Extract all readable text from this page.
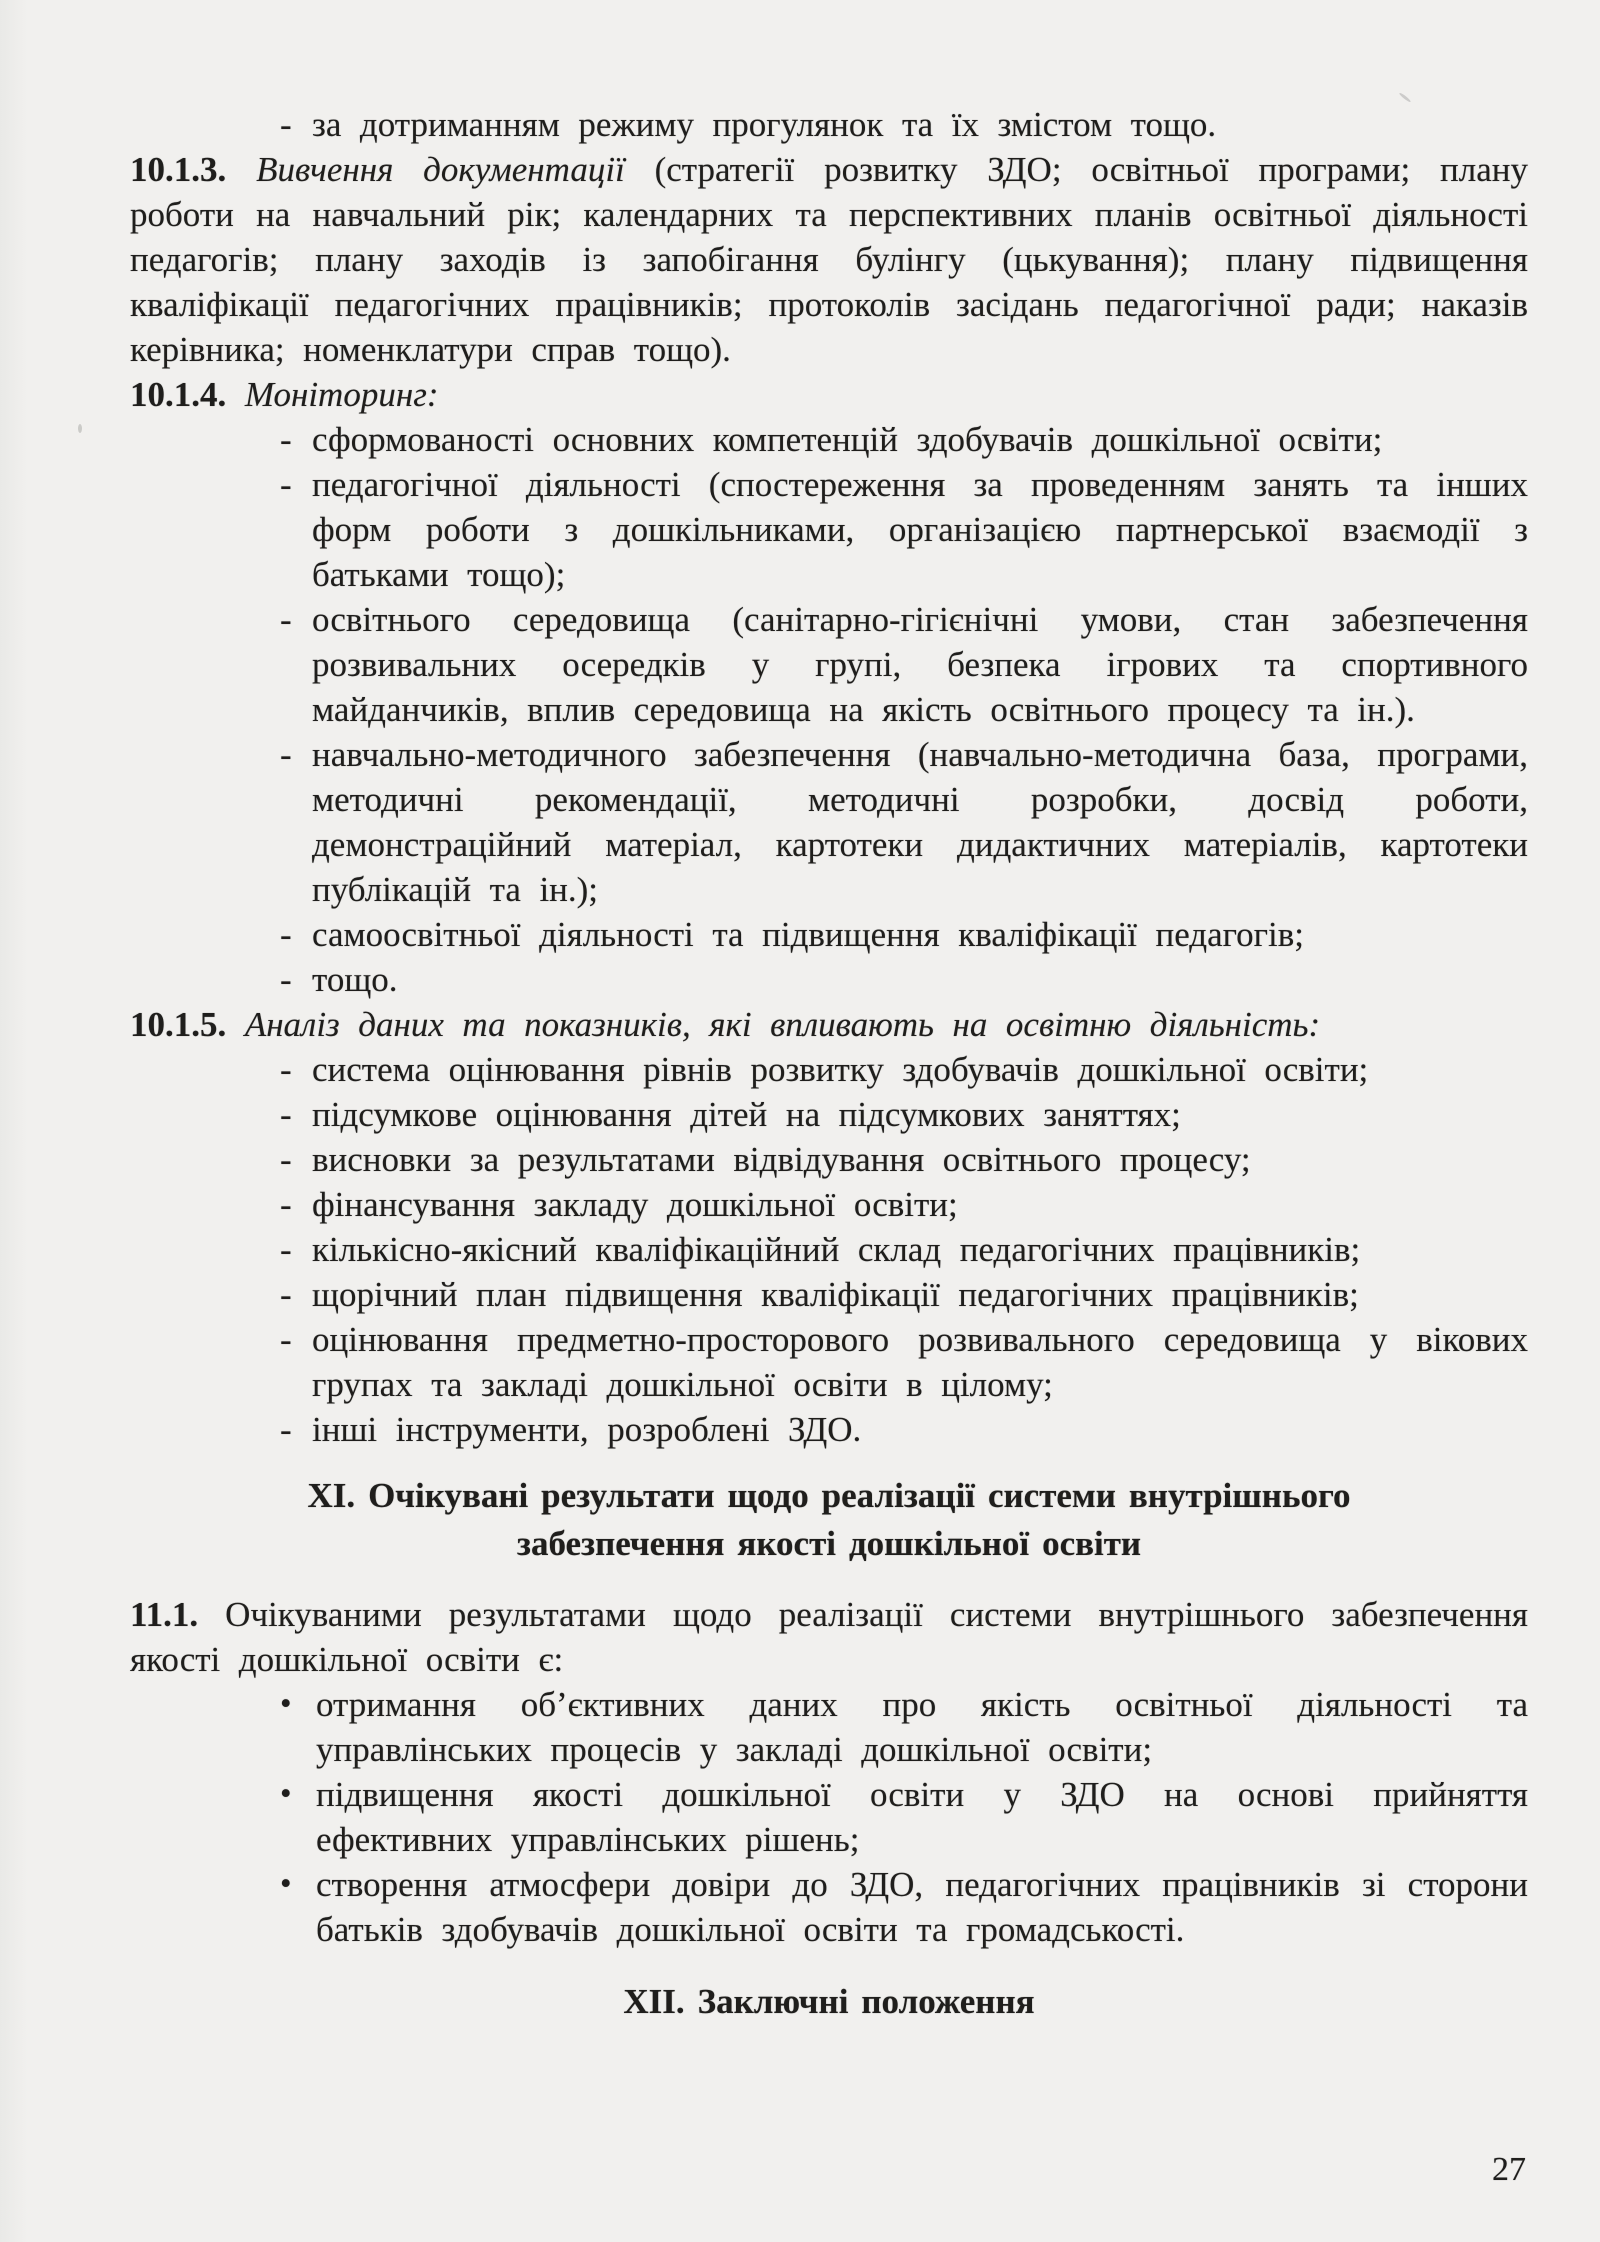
- за дотриманням режиму прогулянок та їх змістом тощо.

10.1.3. Вивчення документації (стратегії розвитку ЗДО; освітньої програми; плану роботи на навчальний рік; календарних та перспективних планів освітньої діяльності педагогів; плану заходів із запобігання булінгу (цькування); плану підвищення кваліфікації педагогічних працівників; протоколів засідань педагогічної ради; наказів керівника; номенклатури справ тощо).

10.1.4. Моніторинг:

- сформованості основних компетенцій здобувачів дошкільної освіти;
- педагогічної діяльності (спостереження за проведенням занять та інших форм роботи з дошкільниками, організацією партнерської взаємодії з батьками тощо);
- освітнього середовища (санітарно-гігієнічні умови, стан забезпечення розвивальних осередків у групі, безпека ігрових та спортивного майданчиків, вплив середовища на якість освітнього процесу та ін.).
- навчально-методичного забезпечення (навчально-методична база, програми, методичні рекомендації, методичні розробки, досвід роботи, демонстраційний матеріал, картотеки дидактичних матеріалів, картотеки публікацій та ін.);
- самоосвітньої діяльності та підвищення кваліфікації педагогів;
- тощо.

10.1.5. Аналіз даних та показників, які впливають на освітню діяльність:

- система оцінювання рівнів розвитку здобувачів дошкільної освіти;
- підсумкове оцінювання дітей на підсумкових заняттях;
- висновки за результатами відвідування освітнього процесу;
- фінансування закладу дошкільної освіти;
- кількісно-якісний кваліфікаційний склад педагогічних працівників;
- щорічний план підвищення кваліфікації педагогічних працівників;
- оцінювання предметно-просторового розвивального середовища у вікових групах та закладі дошкільної освіти в цілому;
- інші інструменти, розроблені ЗДО.
XI. Очікувані результати щодо реалізації системи внутрішнього
забезпечення якості дошкільної освіти

11.1. Очікуваними результатами щодо реалізації системи внутрішнього забезпечення якості дошкільної освіти є:

• отримання об’єктивних даних про якість освітньої діяльності та управлінських процесів у закладі дошкільної освіти;
• підвищення якості дошкільної освіти у ЗДО на основі прийняття ефективних управлінських рішень;
• створення атмосфери довіри до ЗДО, педагогічних працівників зі сторони батьків здобувачів дошкільної освіти та громадськості.
XII. Заключні положення
27
